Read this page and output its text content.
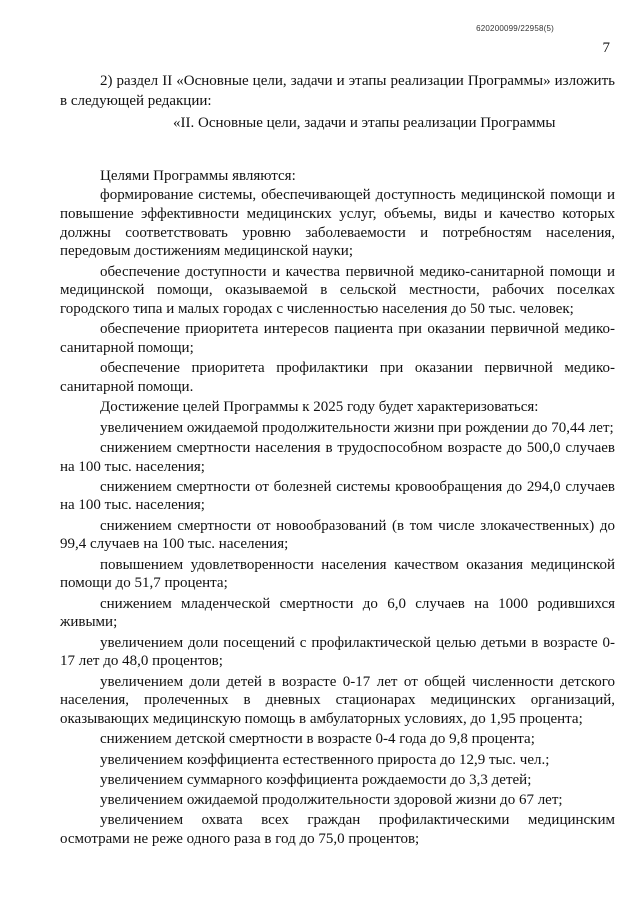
620200099/22958(5)
7

2) раздел II «Основные цели, задачи и этапы реализации Программы» изложить в следующей редакции:

«II. Основные цели, задачи и этапы реализации Программы

Целями Программы являются:

формирование системы, обеспечивающей доступность медицинской помощи и повышение эффективности медицинских услуг, объемы, виды и качество которых должны соответствовать уровню заболеваемости и потребностям населения, передовым достижениям медицинской науки;

обеспечение доступности и качества первичной медико-санитарной помощи и медицинской помощи, оказываемой в сельской местности, рабочих поселках городского типа и малых городах с численностью населения до 50 тыс. человек;

обеспечение приоритета интересов пациента при оказании первичной медико-санитарной помощи;

обеспечение приоритета профилактики при оказании первичной медико-санитарной помощи.

Достижение целей Программы к 2025 году будет характеризоваться:

увеличением ожидаемой продолжительности жизни при рождении до 70,44 лет;

снижением смертности населения в трудоспособном возрасте до 500,0 случаев на 100 тыс. населения;

снижением смертности от болезней системы кровообращения до 294,0 случаев на 100 тыс. населения;

снижением смертности от новообразований (в том числе злокачественных) до 99,4 случаев на 100 тыс. населения;

повышением удовлетворенности населения качеством оказания медицинской помощи до 51,7 процента;

снижением младенческой смертности до 6,0 случаев на 1000 родившихся живыми;

увеличением доли посещений с профилактической целью детьми в возрасте 0-17 лет до 48,0 процентов;

увеличением доли детей в возрасте 0-17 лет от общей численности детского населения, пролеченных в дневных стационарах медицинских организаций, оказывающих медицинскую помощь в амбулаторных условиях, до 1,95 процента;

снижением детской смертности в возрасте 0-4 года до 9,8 процента;

увеличением коэффициента естественного прироста до 12,9 тыс. чел.;

увеличением суммарного коэффициента рождаемости до 3,3 детей;

увеличением ожидаемой продолжительности здоровой жизни до 67 лет;

увеличением охвата всех граждан профилактическими медицинским осмотрами не реже одного раза в год до 75,0 процентов;
